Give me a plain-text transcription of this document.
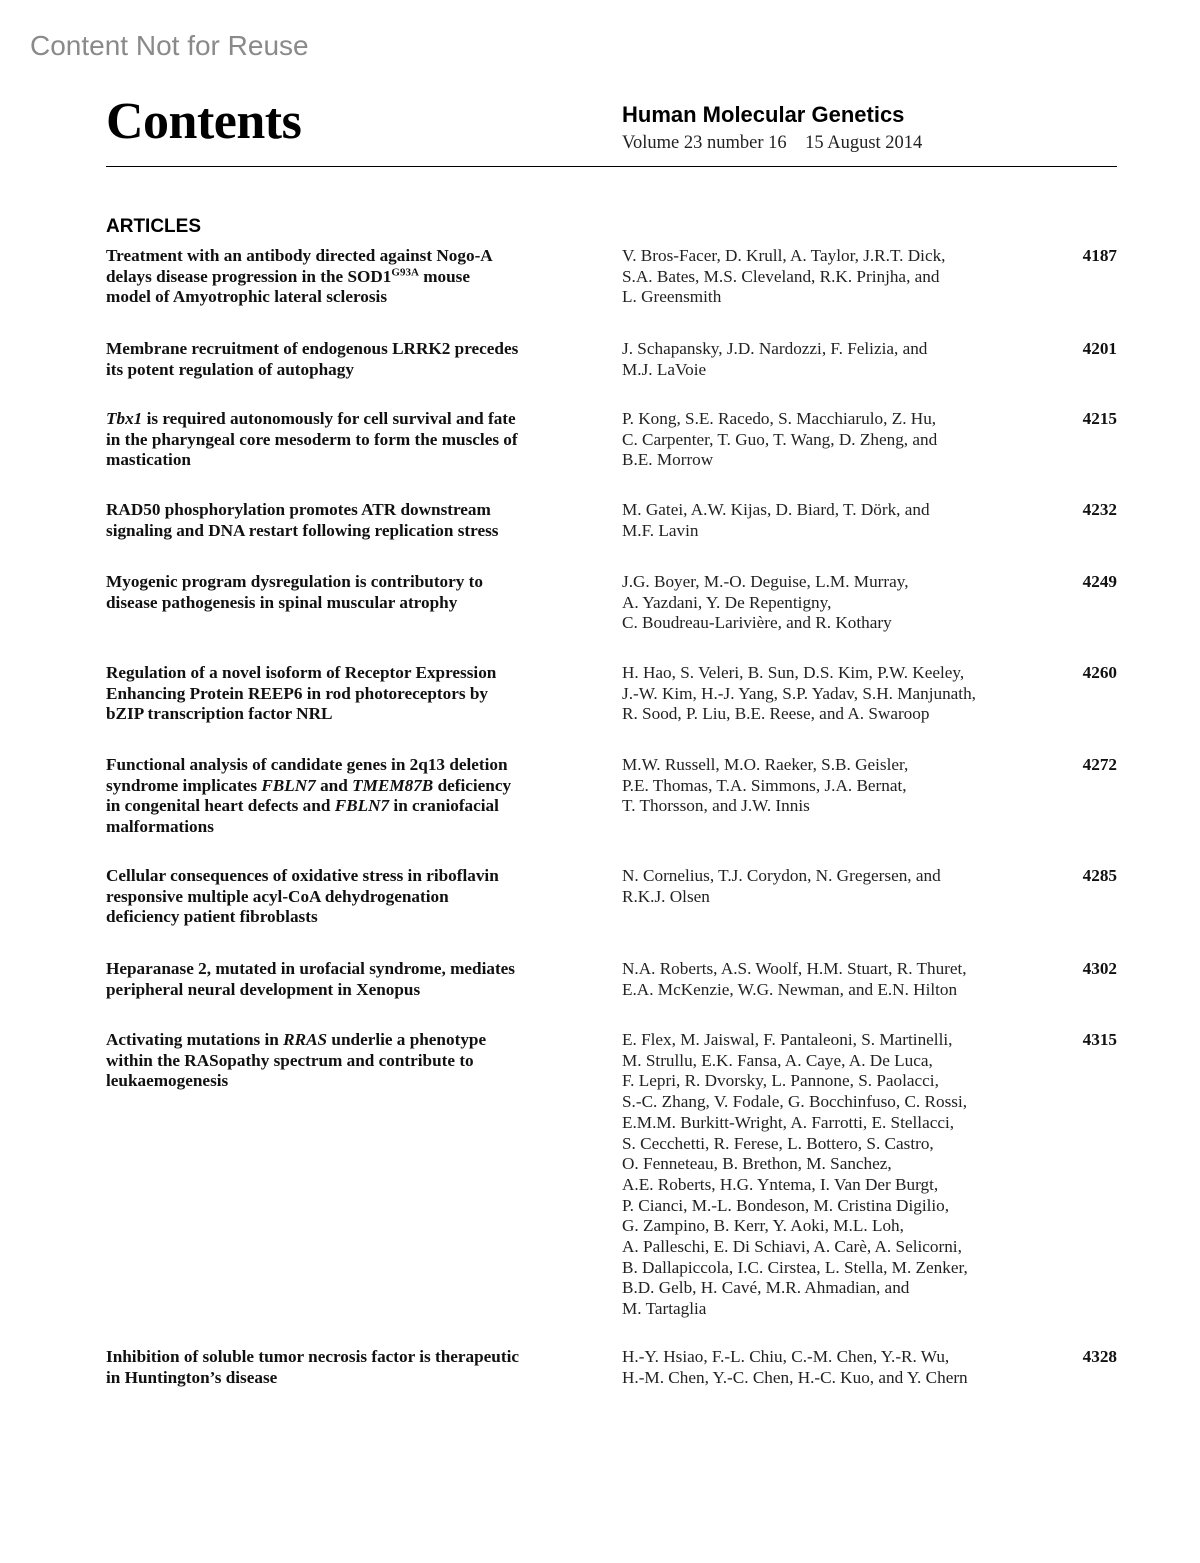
Content Not for Reuse
Contents	Human Molecular Genetics
Volume 23 number 16    15 August 2014
ARTICLES
Treatment with an antibody directed against Nogo-A
delays disease progression in the $SOD1^{G93A}$ mouse
model of Amyotrophic lateral sclerosis
V. Bros-Facer, D. Krull, A. Taylor, J.R.T. Dick,
S.A. Bates, M.S. Cleveland, R.K. Prinjha, and
L. Greensmith
4187
Membrane recruitment of endogenous LRRK2 precedes
its potent regulation of autophagy
J. Schapansky, J.D. Nardozzi, F. Felizia, and
M.J. LaVoie
4201
Tbx1 is required autonomously for cell survival and fate
in the pharyngeal core mesoderm to form the muscles of
mastication
P. Kong, S.E. Racedo, S. Macchiarulo, Z. Hu,
C. Carpenter, T. Guo, T. Wang, D. Zheng, and
B.E. Morrow
4215
RAD50 phosphorylation promotes ATR downstream
signaling and DNA restart following replication stress
M. Gatei, A.W. Kijas, D. Biard, T. Dörk, and
M.F. Lavin
4232
Myogenic program dysregulation is contributory to
disease pathogenesis in spinal muscular atrophy
J.G. Boyer, M.-O. Deguise, L.M. Murray,
A. Yazdani, Y. De Repentigny,
C. Boudreau-Larivière, and R. Kothary
4249
Regulation of a novel isoform of Receptor Expression
Enhancing Protein REEP6 in rod photoreceptors by
bZIP transcription factor NRL
H. Hao, S. Veleri, B. Sun, D.S. Kim, P.W. Keeley,
J.-W. Kim, H.-J. Yang, S.P. Yadav, S.H. Manjunath,
R. Sood, P. Liu, B.E. Reese, and A. Swaroop
4260
Functional analysis of candidate genes in 2q13 deletion
syndrome implicates FBLN7 and TMEM87B deficiency
in congenital heart defects and FBLN7 in craniofacial
malformations
M.W. Russell, M.O. Raeker, S.B. Geisler,
P.E. Thomas, T.A. Simmons, J.A. Bernat,
T. Thorsson, and J.W. Innis
4272
Cellular consequences of oxidative stress in riboflavin
responsive multiple acyl-CoA dehydrogenation
deficiency patient fibroblasts
N. Cornelius, T.J. Corydon, N. Gregersen, and
R.K.J. Olsen
4285
Heparanase 2, mutated in urofacial syndrome, mediates
peripheral neural development in Xenopus
N.A. Roberts, A.S. Woolf, H.M. Stuart, R. Thuret,
E.A. McKenzie, W.G. Newman, and E.N. Hilton
4302
Activating mutations in RRAS underlie a phenotype
within the RASopathy spectrum and contribute to
leukaemogenesis
E. Flex, M. Jaiswal, F. Pantaleoni, S. Martinelli,
M. Strullu, E.K. Fansa, A. Caye, A. De Luca,
F. Lepri, R. Dvorsky, L. Pannone, S. Paolacci,
S.-C. Zhang, V. Fodale, G. Bocchinfuso, C. Rossi,
E.M.M. Burkitt-Wright, A. Farrotti, E. Stellacci,
S. Cecchetti, R. Ferese, L. Bottero, S. Castro,
O. Fenneteau, B. Brethon, M. Sanchez,
A.E. Roberts, H.G. Yntema, I. Van Der Burgt,
P. Cianci, M.-L. Bondeson, M. Cristina Digilio,
G. Zampino, B. Kerr, Y. Aoki, M.L. Loh,
A. Palleschi, E. Di Schiavi, A. Carè, A. Selicorni,
B. Dallapiccola, I.C. Cirstea, L. Stella, M. Zenker,
B.D. Gelb, H. Cavé, M.R. Ahmadian, and
M. Tartaglia
4315
Inhibition of soluble tumor necrosis factor is therapeutic
in Huntington’s disease
H.-Y. Hsiao, F.-L. Chiu, C.-M. Chen, Y.-R. Wu,
H.-M. Chen, Y.-C. Chen, H.-C. Kuo, and Y. Chern
4328
